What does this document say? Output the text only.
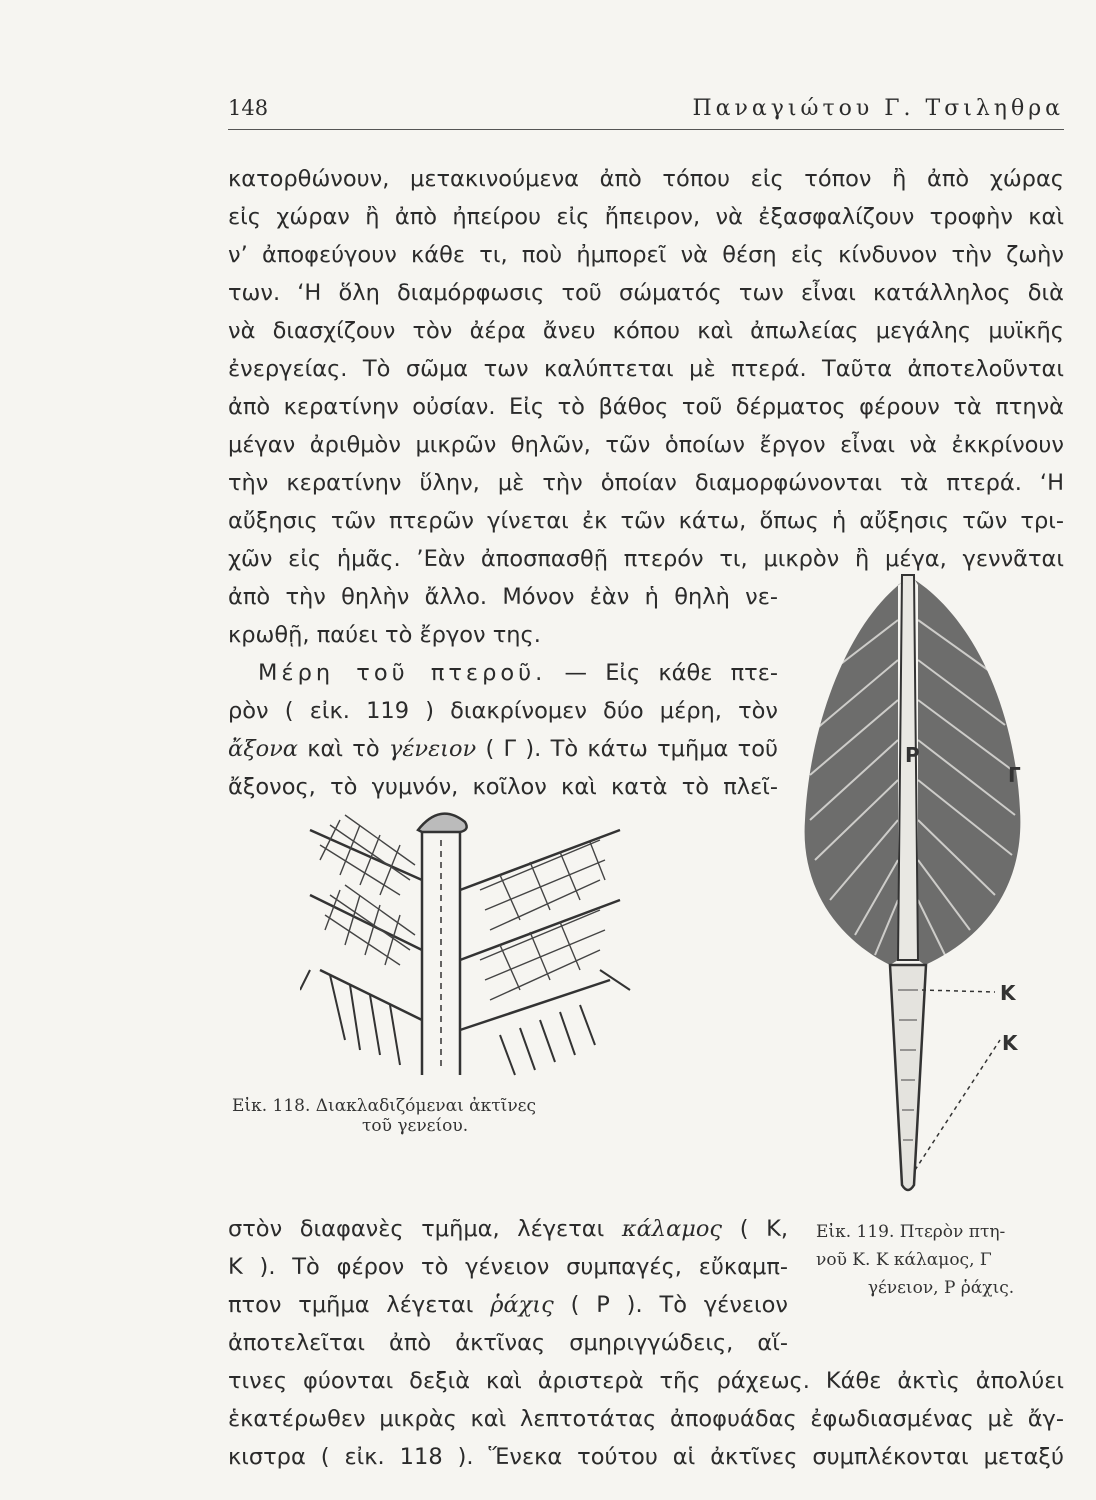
148	Παναγιώτου Γ. Τσιληθρα
κατορθώνουν, μετακινούμενα ἀπὸ τόπου εἰς τόπον ἢ ἀπὸ χώρας
εἰς χώραν ἢ ἀπὸ ἠπείρου εἰς ἤπειρον, νὰ ἐξασφαλίζουν τροφὴν καὶ
ν’ ἀποφεύγουν κάθε τι, ποὺ ἠμπορεῖ νὰ θέση εἰς κίνδυνον τὴν ζωὴν
των. ‘Η ὅλη διαμόρφωσις τοῦ σώματός των εἶναι κατάλληλος διὰ
νὰ διασχίζουν τὸν ἀέρα ἄνευ κόπου καὶ ἀπωλείας μεγάλης μυϊκῆς
ἐνεργείας. Τὸ σῶμα των καλύπτεται μὲ πτερά. Ταῦτα ἀποτελοῦνται
ἀπὸ κερατίνην οὐσίαν. Εἰς τὸ βάθος τοῦ δέρματος φέρουν τὰ πτηνὰ
μέγαν ἀριθμὸν μικρῶν θηλῶν, τῶν ὁποίων ἔργον εἶναι νὰ ἐκκρίνουν
τὴν κερατίνην ὕλην, μὲ τὴν ὁποίαν διαμορφώνονται τὰ πτερά. ‘Η
αὔξησις τῶν πτερῶν γίνεται ἐκ τῶν κάτω, ὅπως ἡ αὔξησις τῶν τρι-
χῶν εἰς ἡμᾶς. ’Εὰν ἀποσπασθῇ πτερόν τι, μικρὸν ἢ μέγα, γεννᾶται
ἀπὸ τὴν θηλὴν ἄλλο. Μόνον ἐὰν ἡ θηλὴ νε-
κρωθῇ, παύει τὸ ἔργον της.
Μέρη τοῦ πτεροῦ. — Εἰς κάθε πτε-
ρὸν ( εἰκ. 119 ) διακρίνομεν δύο μέρη, τὸν
ἄξονα καὶ τὸ γένειον ( Γ ). Τὸ κάτω τμῆμα τοῦ
ἄξονος, τὸ γυμνόν, κοῖλον καὶ κατὰ τὸ πλεῖ-
Εἰκ. 118. Διακλαδιζόμεναι ἀκτῖνες
τοῦ γενείου.
Ρ
Γ
Κ
Κ
Εἰκ. 119. Πτερὸν πτη-
νοῦ Κ. Κ κάλαμος, Γ
γένειον, Ρ ῥάχις.
στὸν διαφανὲς τμῆμα, λέγεται κάλαμος ( Κ,
Κ ). Τὸ φέρον τὸ γένειον συμπαγές, εὔκαμπ-
πτον τμῆμα λέγεται ῥάχις ( Ρ ). Τὸ γένειον
ἀποτελεῖται ἀπὸ ἀκτῖνας σμηριγγώδεις, αἵ-
τινες φύονται δεξιὰ καὶ ἀριστερὰ τῆς ράχεως. Κάθε ἀκτὶς ἀπολύει
ἑκατέρωθεν μικρὰς καὶ λεπτοτάτας ἀποφυάδας ἐφωδιασμένας μὲ ἄγ-
κιστρα ( εἰκ. 118 ). Ἕνεκα τούτου αἱ ἀκτῖνες συμπλέκονται μεταξύ
